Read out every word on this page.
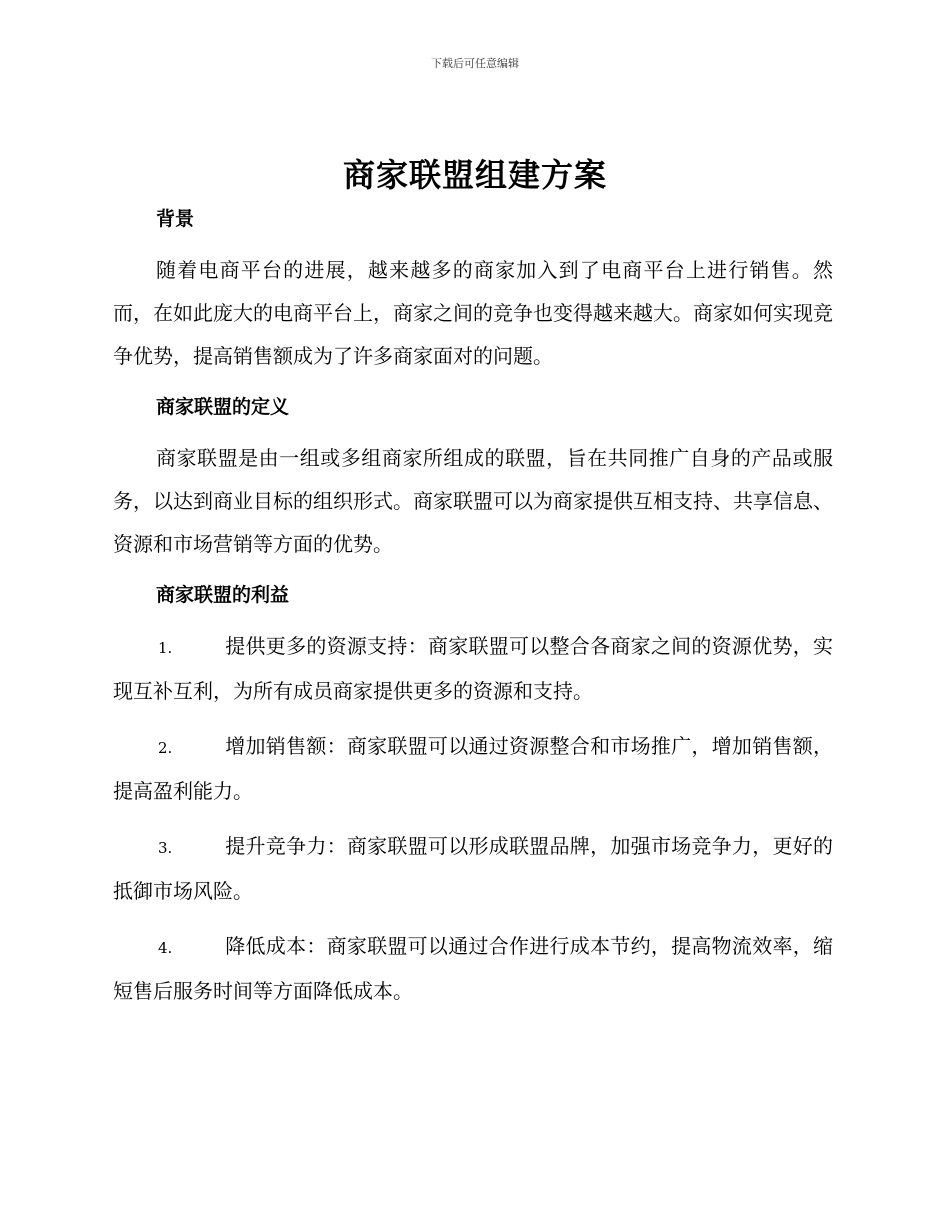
下载后可任意编辑
商家联盟组建方案
背景

随着电商平台的进展，越来越多的商家加入到了电商平台上进行销售。然而，在如此庞大的电商平台上，商家之间的竞争也变得越来越大。商家如何实现竞争优势，提高销售额成为了许多商家面对的问题。

商家联盟的定义

商家联盟是由一组或多组商家所组成的联盟，旨在共同推广自身的产品或服务，以达到商业目标的组织形式。商家联盟可以为商家提供互相支持、共享信息、资源和市场营销等方面的优势。

商家联盟的利益

1.	提供更多的资源支持：商家联盟可以整合各商家之间的资源优势，实现互补互利，为所有成员商家提供更多的资源和支持。

2.	增加销售额：商家联盟可以通过资源整合和市场推广，增加销售额，提高盈利能力。

3.	提升竞争力：商家联盟可以形成联盟品牌，加强市场竞争力，更好的抵御市场风险。

4.	降低成本：商家联盟可以通过合作进行成本节约，提高物流效率，缩短售后服务时间等方面降低成本。
